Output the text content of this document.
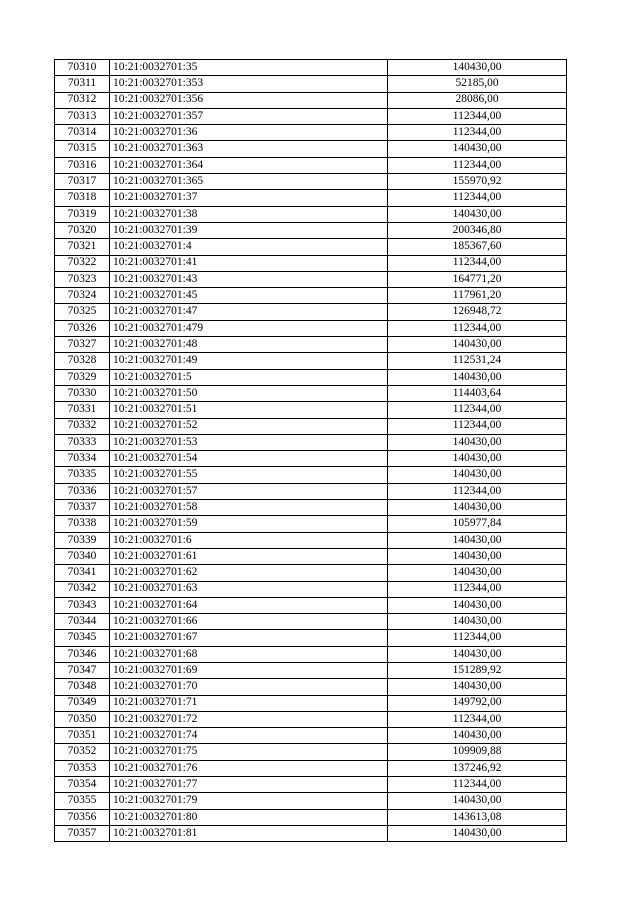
70310	10:21:0032701:35	140430,00
70311	10:21:0032701:353	52185,00
70312	10:21:0032701:356	28086,00
70313	10:21:0032701:357	112344,00
70314	10:21:0032701:36	112344,00
70315	10:21:0032701:363	140430,00
70316	10:21:0032701:364	112344,00
70317	10:21:0032701:365	155970,92
70318	10:21:0032701:37	112344,00
70319	10:21:0032701:38	140430,00
70320	10:21:0032701:39	200346,80
70321	10:21:0032701:4	185367,60
70322	10:21:0032701:41	112344,00
70323	10:21:0032701:43	164771,20
70324	10:21:0032701:45	117961,20
70325	10:21:0032701:47	126948,72
70326	10:21:0032701:479	112344,00
70327	10:21:0032701:48	140430,00
70328	10:21:0032701:49	112531,24
70329	10:21:0032701:5	140430,00
70330	10:21:0032701:50	114403,64
70331	10:21:0032701:51	112344,00
70332	10:21:0032701:52	112344,00
70333	10:21:0032701:53	140430,00
70334	10:21:0032701:54	140430,00
70335	10:21:0032701:55	140430,00
70336	10:21:0032701:57	112344,00
70337	10:21:0032701:58	140430,00
70338	10:21:0032701:59	105977,84
70339	10:21:0032701:6	140430,00
70340	10:21:0032701:61	140430,00
70341	10:21:0032701:62	140430,00
70342	10:21:0032701:63	112344,00
70343	10:21:0032701:64	140430,00
70344	10:21:0032701:66	140430,00
70345	10:21:0032701:67	112344,00
70346	10:21:0032701:68	140430,00
70347	10:21:0032701:69	151289,92
70348	10:21:0032701:70	140430,00
70349	10:21:0032701:71	149792,00
70350	10:21:0032701:72	112344,00
70351	10:21:0032701:74	140430,00
70352	10:21:0032701:75	109909,88
70353	10:21:0032701:76	137246,92
70354	10:21:0032701:77	112344,00
70355	10:21:0032701:79	140430,00
70356	10:21:0032701:80	143613,08
70357	10:21:0032701:81	140430,00
